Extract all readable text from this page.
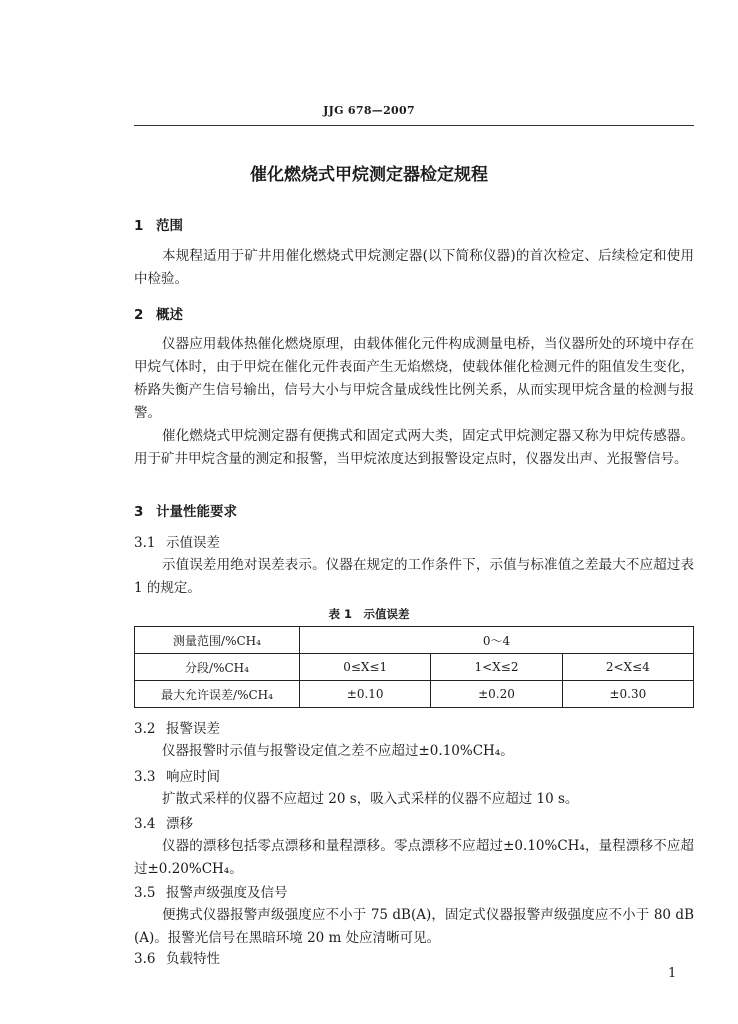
JJG 678—2007
催化燃烧式甲烷测定器检定规程
1 范围
本规程适用于矿井用催化燃烧式甲烷测定器(以下简称仪器)的首次检定、后续检定和使用中检验。
2 概述
仪器应用载体热催化燃烧原理，由载体催化元件构成测量电桥，当仪器所处的环境中存在甲烷气体时，由于甲烷在催化元件表面产生无焰燃烧，使载体催化检测元件的阻值发生变化，桥路失衡产生信号输出，信号大小与甲烷含量成线性比例关系，从而实现甲烷含量的检测与报警。
催化燃烧式甲烷测定器有便携式和固定式两大类，固定式甲烷测定器又称为甲烷传感器。用于矿井甲烷含量的测定和报警，当甲烷浓度达到报警设定点时，仪器发出声、光报警信号。
3 计量性能要求
3.1 示值误差
示值误差用绝对误差表示。仪器在规定的工作条件下，示值与标准值之差最大不应超过表 1 的规定。
表 1　示值误差
测量范围/%CH₄	0～4		
分段/%CH₄	0≤X≤1	1<X≤2	2<X≤4
最大允许误差/%CH₄	±0.10	±0.20	±0.30
3.2 报警误差
仪器报警时示值与报警设定值之差不应超过±0.10%CH₄。
3.3 响应时间
扩散式采样的仪器不应超过 20 s，吸入式采样的仪器不应超过 10 s。
3.4 漂移
仪器的漂移包括零点漂移和量程漂移。零点漂移不应超过±0.10%CH₄，量程漂移不应超过±0.20%CH₄。
3.5 报警声级强度及信号
便携式仪器报警声级强度应不小于 75 dB(A)，固定式仪器报警声级强度应不小于 80 dB (A)。报警光信号在黑暗环境 20 m 处应清晰可见。
3.6 负载特性
1
